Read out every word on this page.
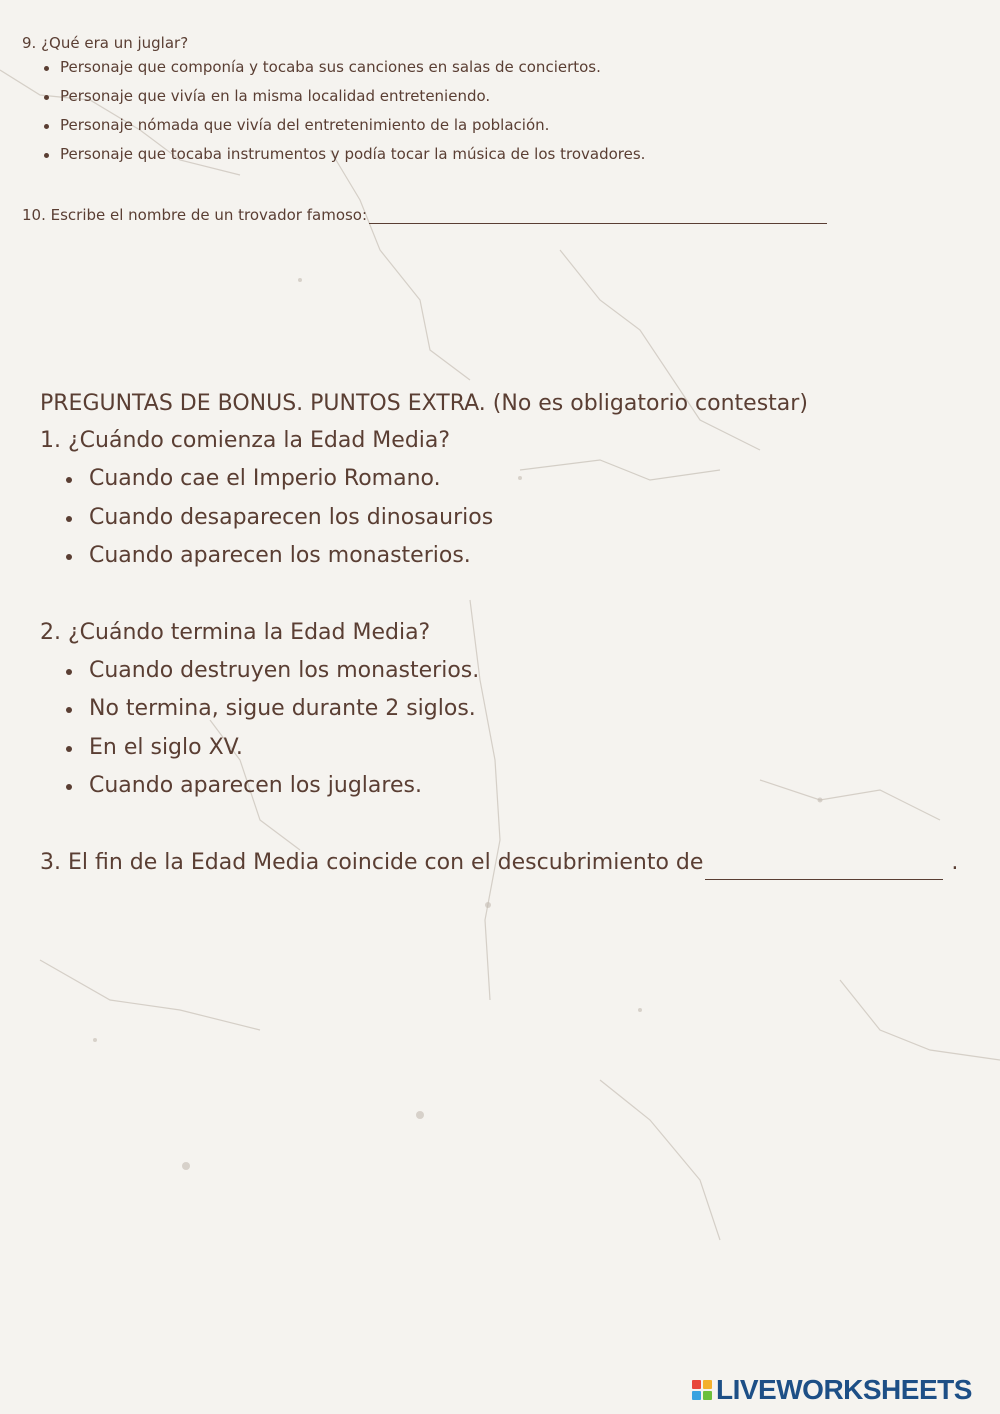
9. ¿Qué era un juglar?

Personaje que componía y tocaba sus canciones en salas de conciertos.
Personaje que vivía en la misma localidad entreteniendo.
Personaje nómada que vivía del entretenimiento de la población.
Personaje que tocaba instrumentos y podía tocar la música de los trovadores.
10. Escribe el nombre de un trovador famoso:

PREGUNTAS DE BONUS. PUNTOS EXTRA. (No es obligatorio contestar)

1. ¿Cuándo comienza la Edad Media?

Cuando cae el Imperio Romano.
Cuando desaparecen los dinosaurios
Cuando aparecen los monasterios.

2. ¿Cuándo termina la Edad Media?

Cuando destruyen los monasterios.
No termina, sigue durante 2 siglos.
En el siglo XV.
Cuando aparecen los juglares.

3. El fin de la Edad Media coincide con el descubrimiento de	.

LIVEWORKSHEETS
